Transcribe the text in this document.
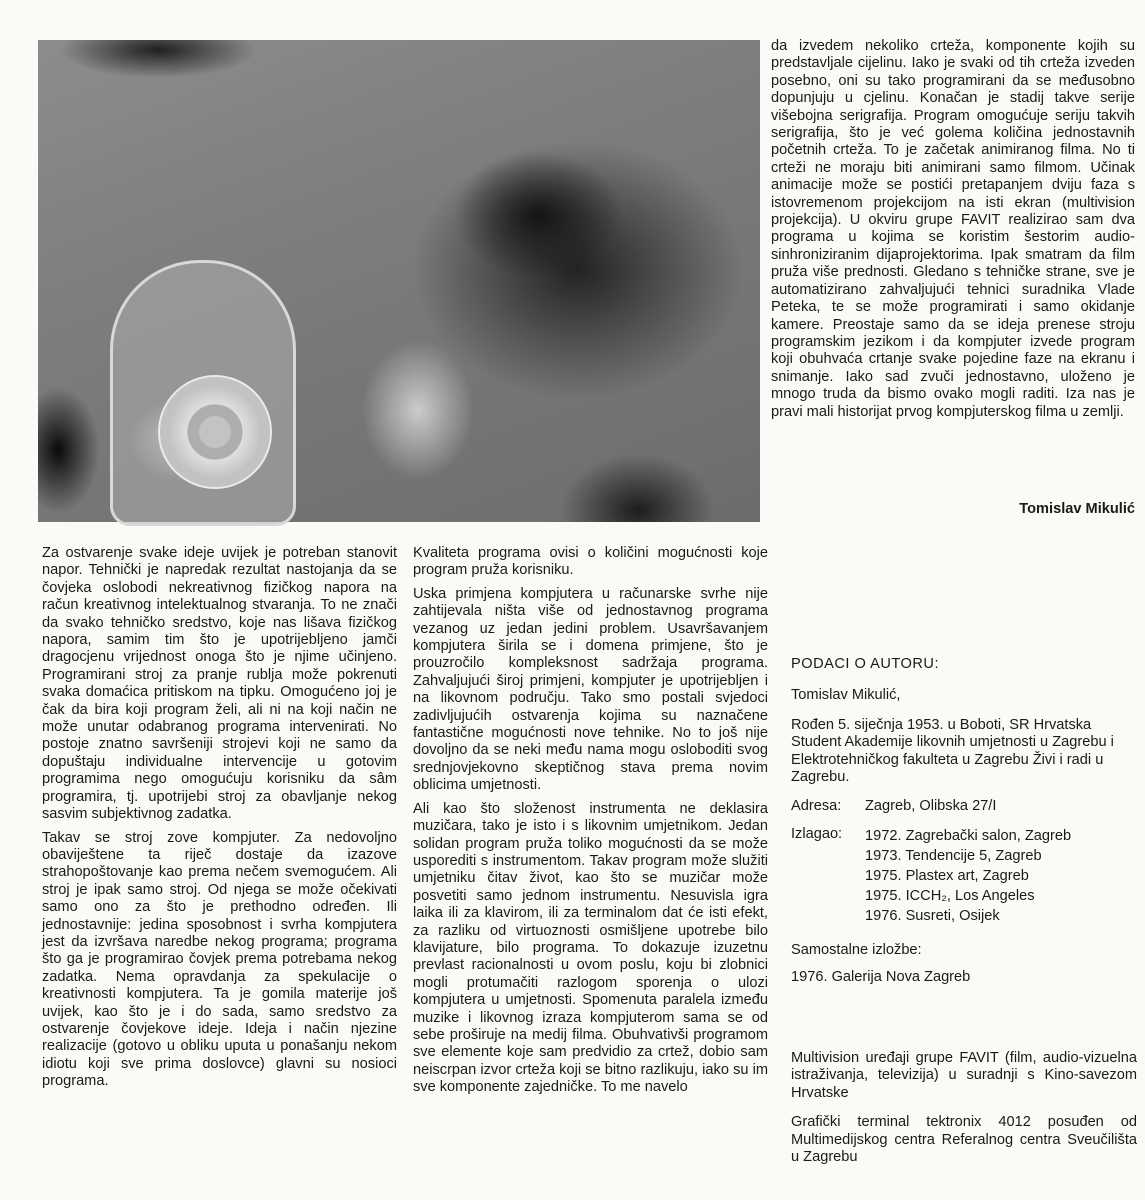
da izvedem nekoliko crteža, komponente kojih su predstavljale cijelinu. Iako je svaki od tih crteža izveden posebno, oni su tako programirani da se međusobno dopunjuju u cjelinu. Konačan je stadij takve serije višebojna serigrafija. Program omogućuje seriju takvih serigrafija, što je već golema količina jednostavnih početnih crteža. To je začetak animiranog filma. No ti crteži ne moraju biti animirani samo filmom. Učinak animacije može se postići pretapanjem dviju faza s istovremenom projekcijom na isti ekran (multivision projekcija). U okviru grupe FAVIT realizirao sam dva programa u kojima se koristim šestorim audio-sinhroniziranim dijaprojektorima. Ipak smatram da film pruža više prednosti. Gledano s tehničke strane, sve je automatizirano zahvaljujući tehnici suradnika Vlade Peteka, te se može programirati i samo okidanje kamere. Preostaje samo da se ideja prenese stroju programskim jezikom i da kompjuter izvede program koji obuhvaća crtanje svake pojedine faze na ekranu i snimanje. Iako sad zvuči jednostavno, uloženo je mnogo truda da bismo ovako mogli raditi. Iza nas je pravi mali historijat prvog kompjuterskog filma u zemlji.

Tomislav Mikulić

Za ostvarenje svake ideje uvijek je potreban stanovit napor. Tehnički je napredak rezultat nastojanja da se čovjeka oslobodi nekreativnog fizičkog napora na račun kreativnog intelektualnog stvaranja. To ne znači da svako tehničko sredstvo, koje nas lišava fizičkog napora, samim tim što je upotrijebljeno jamči dragocjenu vrijednost onoga što je njime učinjeno. Programirani stroj za pranje rublja može pokrenuti svaka domaćica pritiskom na tipku. Omogućeno joj je čak da bira koji program želi, ali ni na koji način ne može unutar odabranog programa intervenirati. No postoje znatno savršeniji strojevi koji ne samo da dopuštaju individualne intervencije u gotovim programima nego omogućuju korisniku da sâm programira, tj. upotrijebi stroj za obavljanje nekog sasvim subjektivnog zadatka.

Takav se stroj zove kompjuter. Za nedovoljno obaviještene ta riječ dostaje da izazove strahopoštovanje kao prema nečem svemogućem. Ali stroj je ipak samo stroj. Od njega se može očekivati samo ono za što je prethodno određen. Ili jednostavnije: jedina sposobnost i svrha kompjutera jest da izvršava naredbe nekog programa; programa što ga je programirao čovjek prema potrebama nekog zadatka. Nema opravdanja za spekulacije o kreativnosti kompjutera. Ta je gomila materije još uvijek, kao što je i do sada, samo sredstvo za ostvarenje čovjekove ideje. Ideja i način njezine realizacije (gotovo u obliku uputa u ponašanju nekom idiotu koji sve prima doslovce) glavni su nosioci programa.

Kvaliteta programa ovisi o količini mogućnosti koje program pruža korisniku.

Uska primjena kompjutera u računarske svrhe nije zahtijevala ništa više od jednostavnog programa vezanog uz jedan jedini problem. Usavršavanjem kompjutera širila se i domena primjene, što je prouzročilo kompleksnost sadržaja programa. Zahvaljujući široj primjeni, kompjuter je upotrijebljen i na likovnom području. Tako smo postali svjedoci zadivljujućih ostvarenja kojima su naznačene fantastične mogućnosti nove tehnike. No to još nije dovoljno da se neki među nama mogu osloboditi svog srednjovjekovno skeptičnog stava prema novim oblicima umjetnosti.

Ali kao što složenost instrumenta ne deklasira muzičara, tako je isto i s likovnim umjetnikom. Jedan solidan program pruža toliko mogućnosti da se može usporediti s instrumentom. Takav program može služiti umjetniku čitav život, kao što se muzičar može posvetiti samo jednom instrumentu. Nesuvisla igra laika ili za klavirom, ili za terminalom dat će isti efekt, za razliku od virtuoznosti osmišljene upotrebe bilo klavijature, bilo programa. To dokazuje izuzetnu prevlast racionalnosti u ovom poslu, koju bi zlobnici mogli protumačiti razlogom sporenja o ulozi kompjutera u umjetnosti. Spomenuta paralela između muzike i likovnog izraza kompjuterom sama se od sebe proširuje na medij filma. Obuhvativši programom sve elemente koje sam predvidio za crtež, dobio sam neiscrpan izvor crteža koji se bitno razlikuju, iako su im sve komponente zajedničke. To me navelo

PODACI O AUTORU:
Tomislav Mikulić,
Rođen 5. siječnja 1953. u Boboti, SR Hrvatska Student Akademije likovnih umjetnosti u Zagrebu i Elektrotehničkog fakulteta u Zagrebu Živi i radi u Zagrebu.
Adresa:	Zagreb, Olibska 27/I
Izlagao:	1972. Zagrebački salon, Zagreb
1973. Tendencije 5, Zagreb
1975. Plastex art, Zagreb
1975. ICCH₂, Los Angeles
1976. Susreti, Osijek
Samostalne izložbe:
1976. Galerija Nova Zagreb

Multivision uređaji grupe FAVIT (film, audio-vizuelna istraživanja, televizija) u suradnji s Kino-savezom Hrvatske

Grafički terminal tektronix 4012 posuđen od Multimedijskog centra Referalnog centra Sveučilišta u Zagrebu
